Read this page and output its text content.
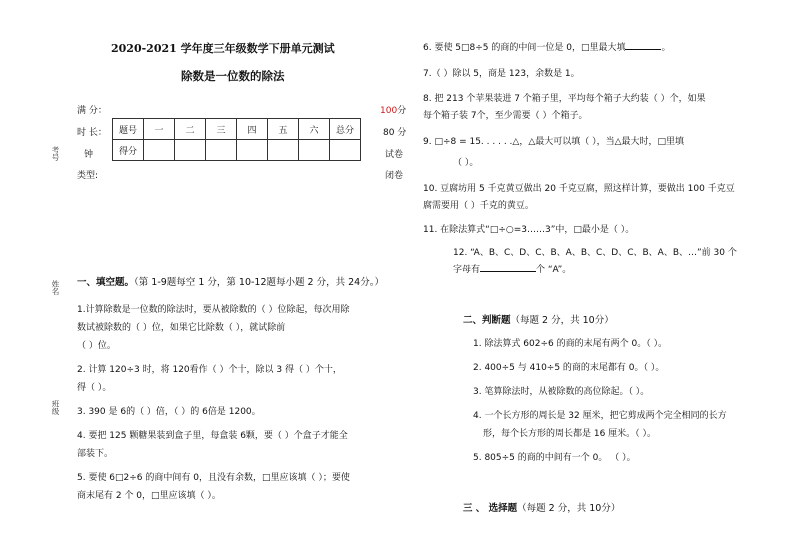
2020-2021 学年度三年级数学下册单元测试
除数是一位数的除法
满 分：	100分
时 长：	80 分
钟	试卷
类型:	闭卷
考号
姓名
班级
题号	一	二	三	四	五	六	总分
得分							
一、填空题。（第 1-9题每空 1 分，第 10-12题每小题 2 分，共 24分。）
1.计算除数是一位数的除法时，要从被除数的（ ）位除起，每次用除
数试被除数的（ ）位，如果它比除数（ ），就试除前
（ ）位。
2. 计算 120÷3 时，将 120看作（ ）个十，除以 3 得（ ）个十，
得（ ）。
3. 390 是 6的（ ）倍，（ ）的 6倍是 1200。
4. 要把 125 颗糖果装到盒子里，每盒装 6颗，要（ ）个盒子才能全
部装下。
5. 要使 6□2÷6 的商中间有 0，且没有余数，□里应该填（ ）；要使
商末尾有 2 个 0，□里应该填（ ）。
6. 要使 5□8÷5 的商的中间一位是 0，□里最大填	。
7.（ ）除以 5，商是 123，余数是 1。
8. 把 213 个苹果装进 7 个箱子里，平均每个箱子大约装（ ）个，如果
每个箱子装 7个，至少需要（ ）个箱子。
9. □÷8 = 15. . . . . .△，△最大可以填（ ），当△最大时，□里填
（ ）。
10. 豆腐坊用 5 千克黄豆做出 20 千克豆腐，照这样计算，要做出 100 千克豆
腐需要用（ ）千克的黄豆。
11. 在除法算式“□÷○=3……3”中，□最小是（ ）。
12. “A、B、C、D、C、B、A、B、C、D、C、B、A、B、…”前 30 个
字母有	个 “A”。
二、判断题（每题 2 分，共 10分）
1. 除法算式 602÷6 的商的末尾有两个 0。（ ）。
2. 400÷5 与 410÷5 的商的末尾都有 0。（ ）。
3. 笔算除法时，从被除数的高位除起。（ ）。
4. 一个长方形的周长是 32 厘米，把它剪成两个完全相同的长方
形，每个长方形的周长都是 16 厘米。（ ）。
5. 805÷5 的商的中间有一个 0。 （ ）。
三 、 选择题（每题 2 分，共 10分）
